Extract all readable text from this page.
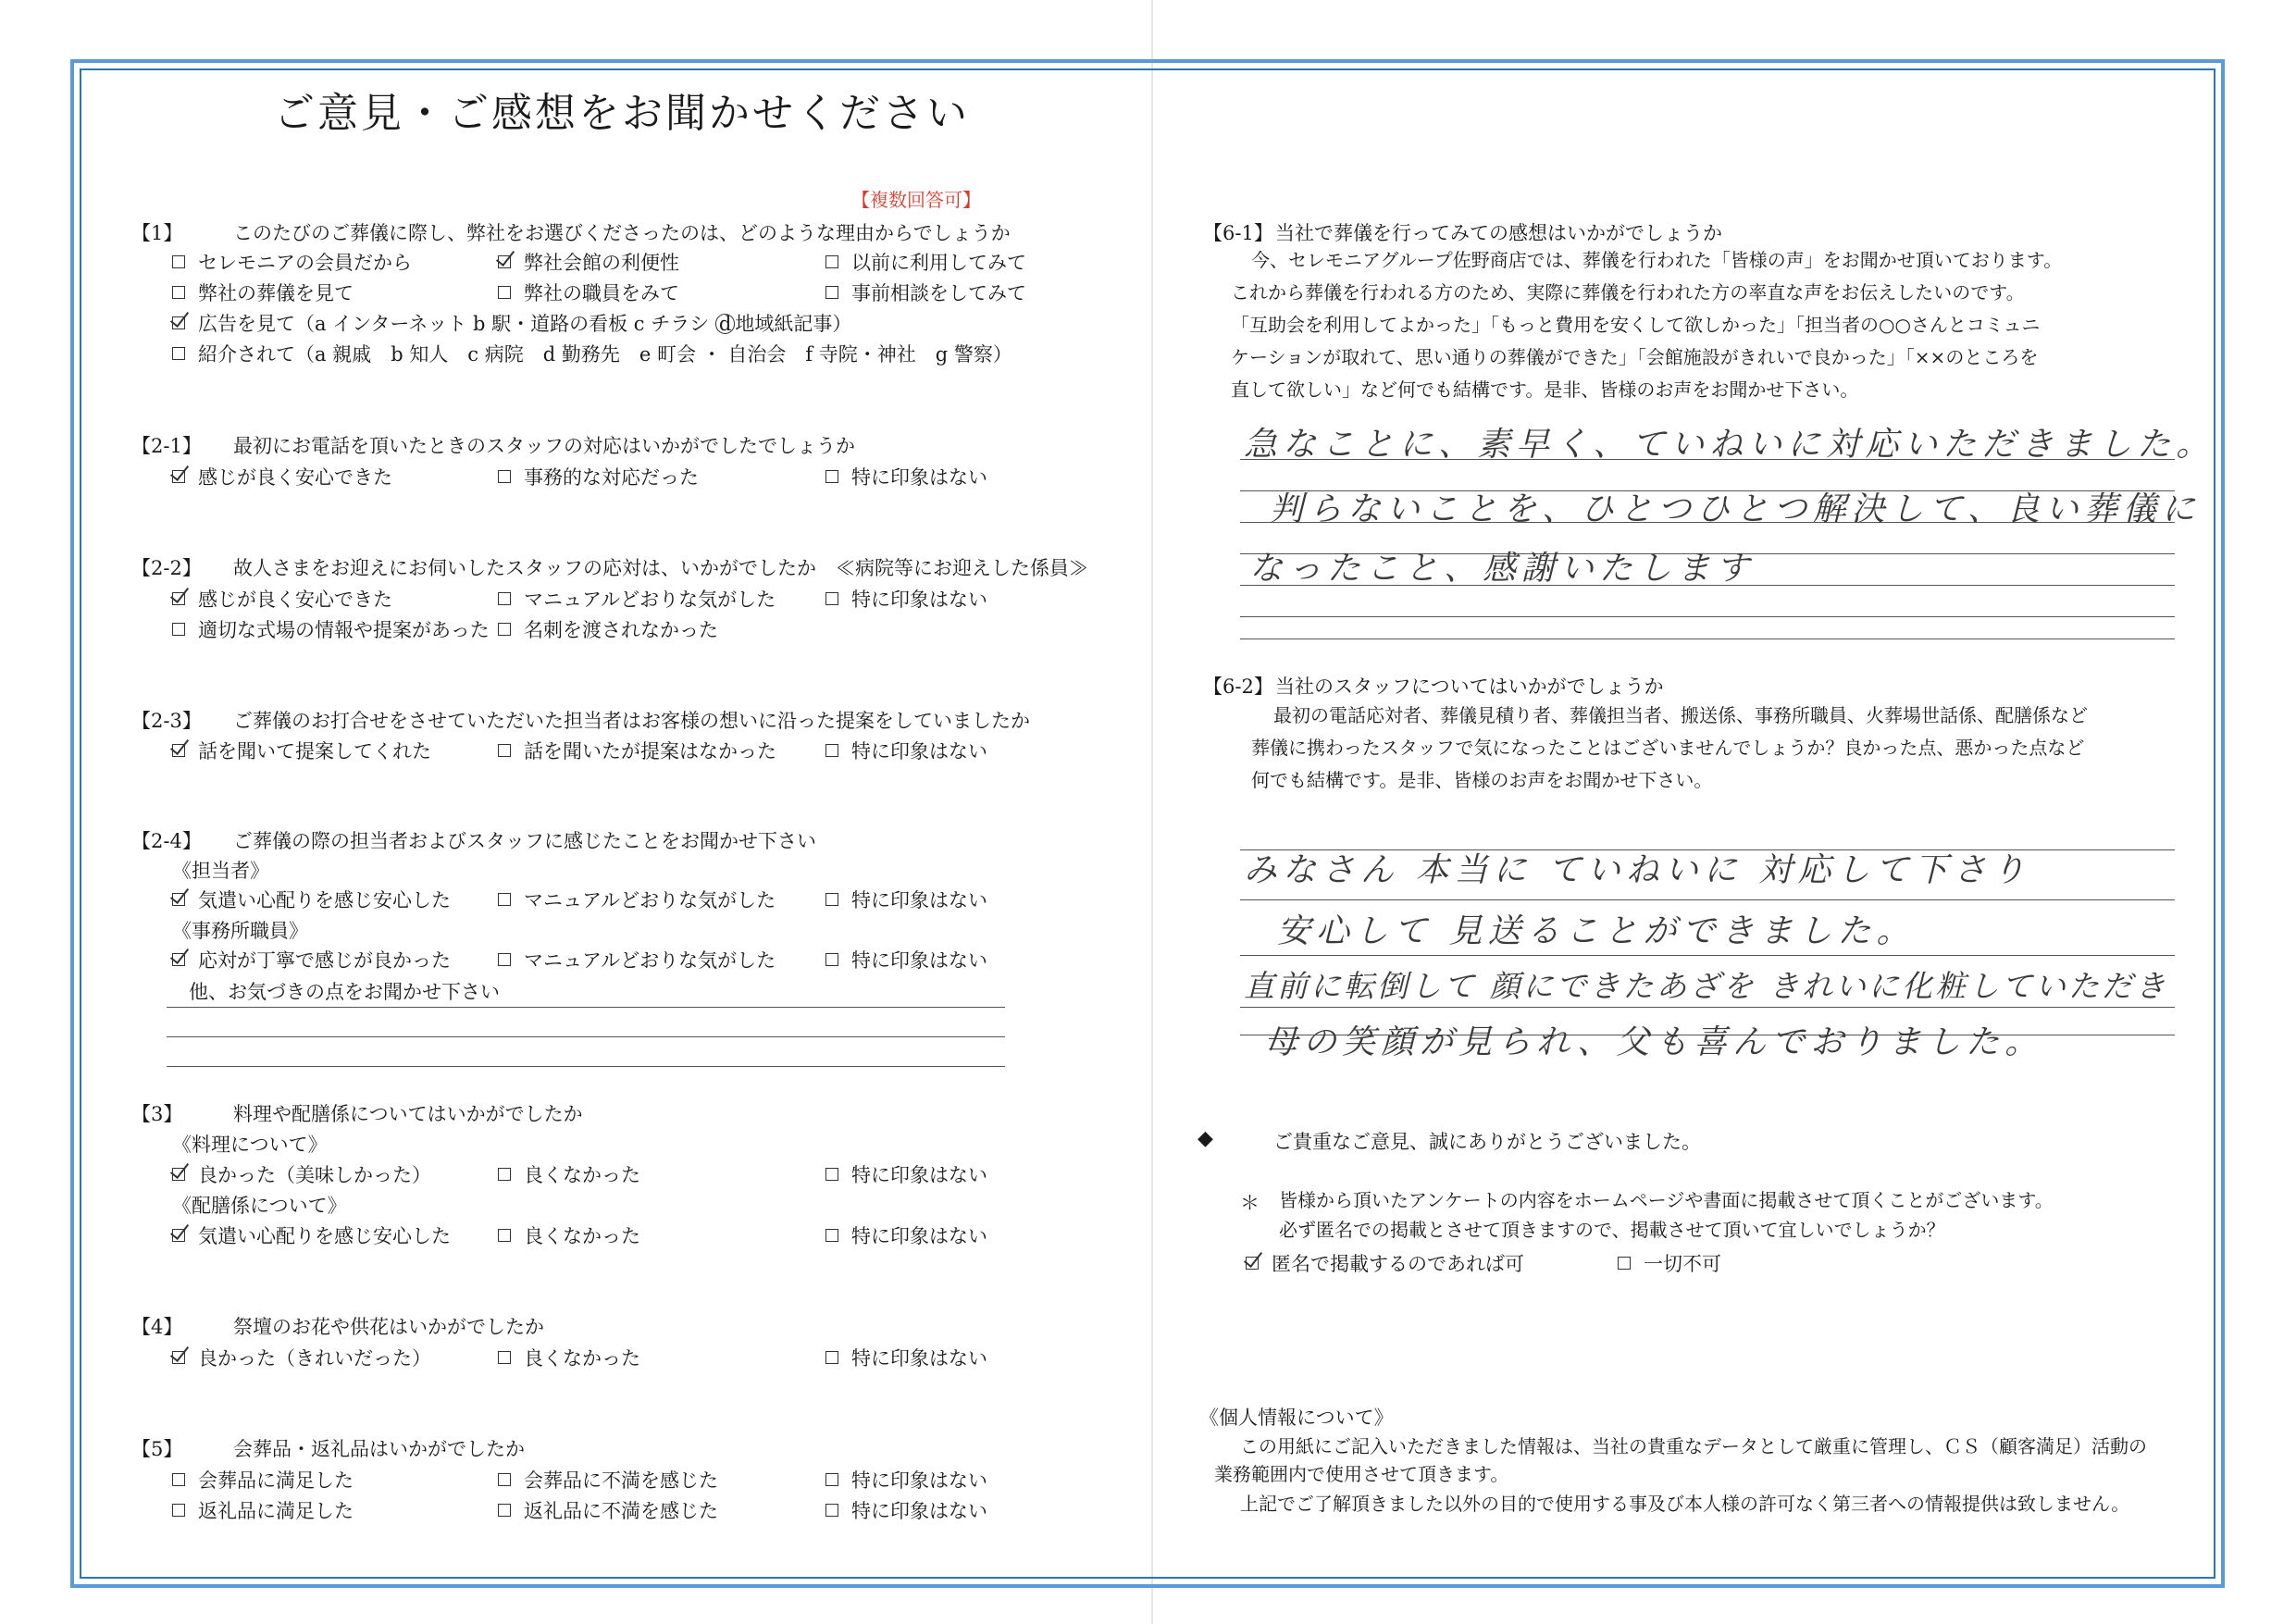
ご意見・ご感想をお聞かせください
【複数回答可】
【1】	このたびのご葬儀に際し、弊社をお選びくださったのは、どのような理由からでしょうか
セレモニアの会員だから	弊社会館の利便性	以前に利用してみて
弊社の葬儀を見て	弊社の職員をみて	事前相談をしてみて
広告を見て（a インターネット b 駅・道路の看板 c チラシ d 地域紙記事）
紹介されて（a 親戚　b 知人　c 病院　d 勤務先　e 町会 ・ 自治会　f 寺院・神社　g 警察）
【2-1】 最初にお電話を頂いたときのスタッフの対応はいかがでしたでしょうか
感じが良く安心できた	事務的な対応だった	特に印象はない
【2-2】 故人さまをお迎えにお伺いしたスタッフの応対は、いかがでしたか　≪病院等にお迎えした係員≫
感じが良く安心できた	マニュアルどおりな気がした	特に印象はない
適切な式場の情報や提案があった 名刺を渡されなかった
【2-3】 ご葬儀のお打合せをさせていただいた担当者はお客様の想いに沿った提案をしていましたか
話を聞いて提案してくれた	話を聞いたが提案はなかった	特に印象はない
【2-4】 ご葬儀の際の担当者およびスタッフに感じたことをお聞かせ下さい
《担当者》
気遣い心配りを感じ安心した	マニュアルどおりな気がした	特に印象はない
《事務所職員》
応対が丁寧で感じが良かった	マニュアルどおりな気がした	特に印象はない
他、お気づきの点をお聞かせ下さい
【3】	料理や配膳係についてはいかがでしたか
《料理について》
良かった（美味しかった）	良くなかった	特に印象はない
《配膳係について》
気遣い心配りを感じ安心した	良くなかった	特に印象はない
【4】	祭壇のお花や供花はいかがでしたか
良かった（きれいだった）	良くなかった	特に印象はない
【5】	会葬品・返礼品はいかがでしたか
会葬品に満足した	会葬品に不満を感じた	特に印象はない
返礼品に満足した	返礼品に不満を感じた	特に印象はない
【6-1】 当社で葬儀を行ってみての感想はいかがでしょうか
今、セレモニアグループ佐野商店では、葬儀を行われた「皆様の声」をお聞かせ頂いております。
これから葬儀を行われる方のため、実際に葬儀を行われた方の率直な声をお伝えしたいのです。
「互助会を利用してよかった」「もっと費用を安くして欲しかった」「担当者の○○さんとコミュニ
ケーションが取れて、思い通りの葬儀ができた」「会館施設がきれいで良かった」「××のところを
直して欲しい」など何でも結構です。是非、皆様のお声をお聞かせ下さい。
急なことに、素早く、ていねいに対応いただきました。
判らないことを、ひとつひとつ解決して、良い葬儀に
なったこと、感謝いたします
【6-2】 当社のスタッフについてはいかがでしょうか
最初の電話応対者、葬儀見積り者、葬儀担当者、搬送係、事務所職員、火葬場世話係、配膳係など
葬儀に携わったスタッフで気になったことはございませんでしょうか？良かった点、悪かった点など
何でも結構です。是非、皆様のお声をお聞かせ下さい。
みなさん 本当に ていねいに 対応して下さり
安心して 見送ることができました。
直前に転倒して 顔にできたあざを きれいに化粧していただき
母の笑顔が見られ、父も喜んでおりました。
◆	ご貴重なご意見、誠にありがとうございました。
＊ 皆様から頂いたアンケートの内容をホームページや書面に掲載させて頂くことがございます。
必ず匿名での掲載とさせて頂きますので、掲載させて頂いて宜しいでしょうか？
匿名で掲載するのであれば可	一切不可
《個人情報について》
この用紙にご記入いただきました情報は、当社の貴重なデータとして厳重に管理し、ＣＳ（顧客満足）活動の
業務範囲内で使用させて頂きます。
上記でご了解頂きました以外の目的で使用する事及び本人様の許可なく第三者への情報提供は致しません。
